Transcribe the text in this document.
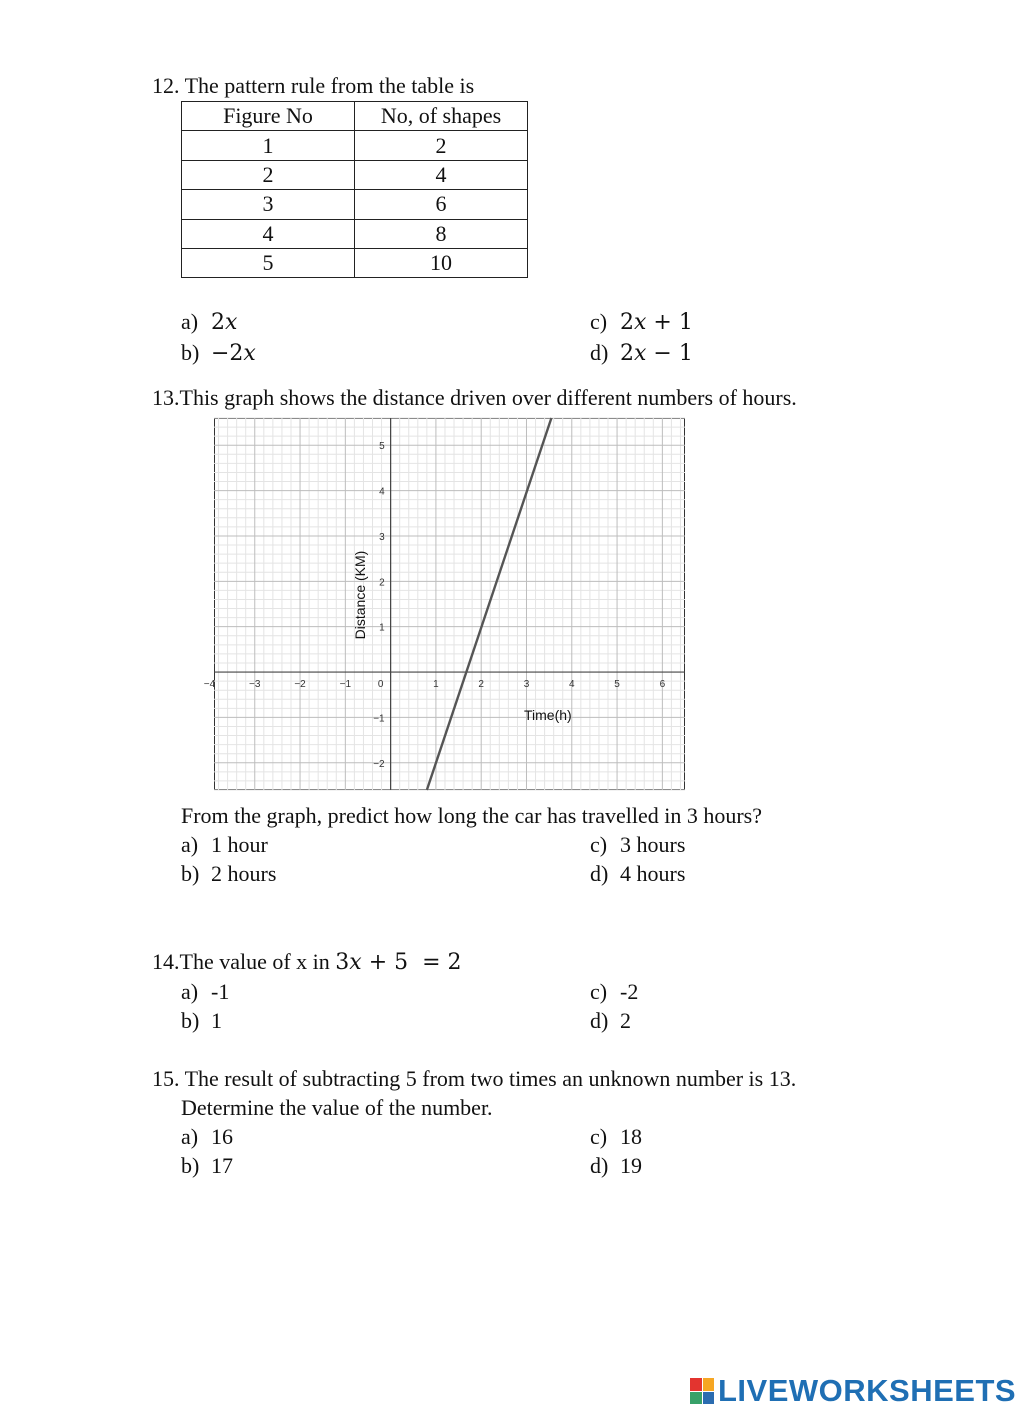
12. The pattern rule from the table is
Figure No	No, of shapes
1	2
2	4
3	6
4	8
5	10
a) 2𝑥
b) −2𝑥
c) 2𝑥 + 1
d) 2𝑥 − 1
13.This graph shows the distance driven over different numbers of hours.
−4	−3	−2	−1	0	1	2	3	4	5	6
−2
−1
1
2
3
4
5
Distance (KM)
Time(h)
From the graph, predict how long the car has travelled in 3 hours?
a) 1 hour
b) 2 hours
c) 3 hours
d) 4 hours
14.The value of x in 3𝑥 + 5  = 2
a) -1
b) 1
c) -2
d) 2
15. The result of subtracting 5 from two times an unknown number is 13.
Determine the value of the number.
a) 16
b) 17
c) 18
d) 19
LIVEWORKSHEETS
